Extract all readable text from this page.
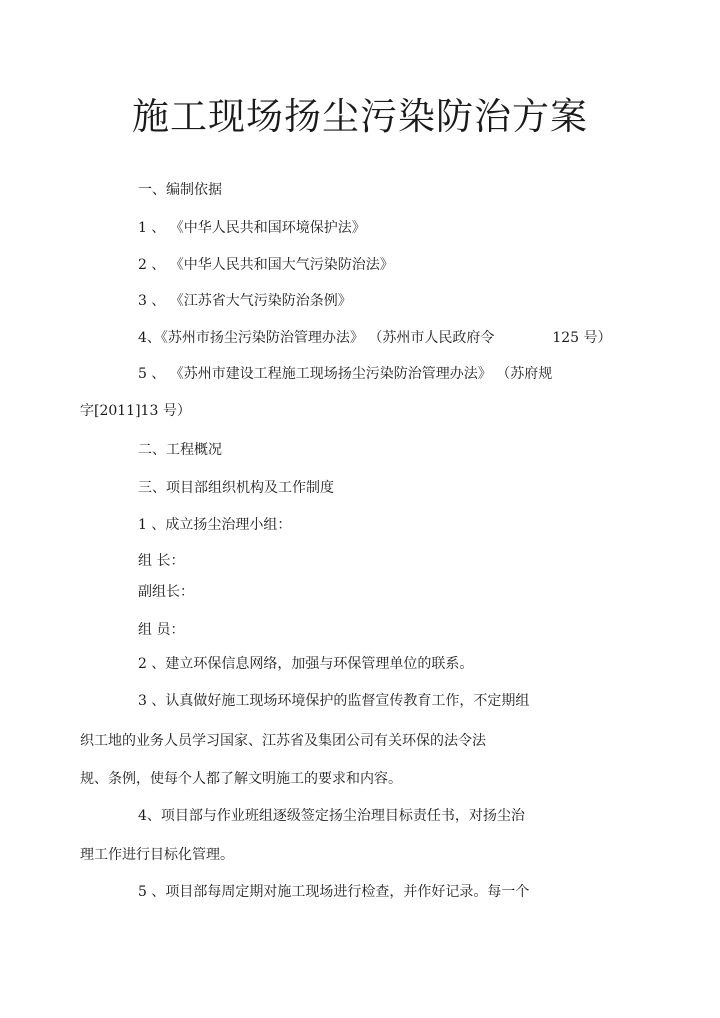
施工现场扬尘污染防治方案
一、编制依据
1 、 《中华人民共和国环境保护法》
2 、 《中华人民共和国大气污染防治法》
3 、 《江苏省大气污染防治条例》
4、《苏州市扬尘污染防治管理办法》 （苏州市人民政府令	125 号）
5 、 《苏州市建设工程施工现场扬尘污染防治管理办法》 （苏府规
字[2011]13 号）
二、工程概况
三、项目部组织机构及工作制度
1 、成立扬尘治理小组：
组 长：
副组长：
组 员：
2 、建立环保信息网络，加强与环保管理单位的联系。
3 、认真做好施工现场环境保护的监督宣传教育工作，不定期组
织工地的业务人员学习国家、江苏省及集团公司有关环保的法令法
规、条例，使每个人都了解文明施工的要求和内容。
4、项目部与作业班组逐级签定扬尘治理目标责任书，对扬尘治
理工作进行目标化管理。
5 、项目部每周定期对施工现场进行检查，并作好记录。每一个
